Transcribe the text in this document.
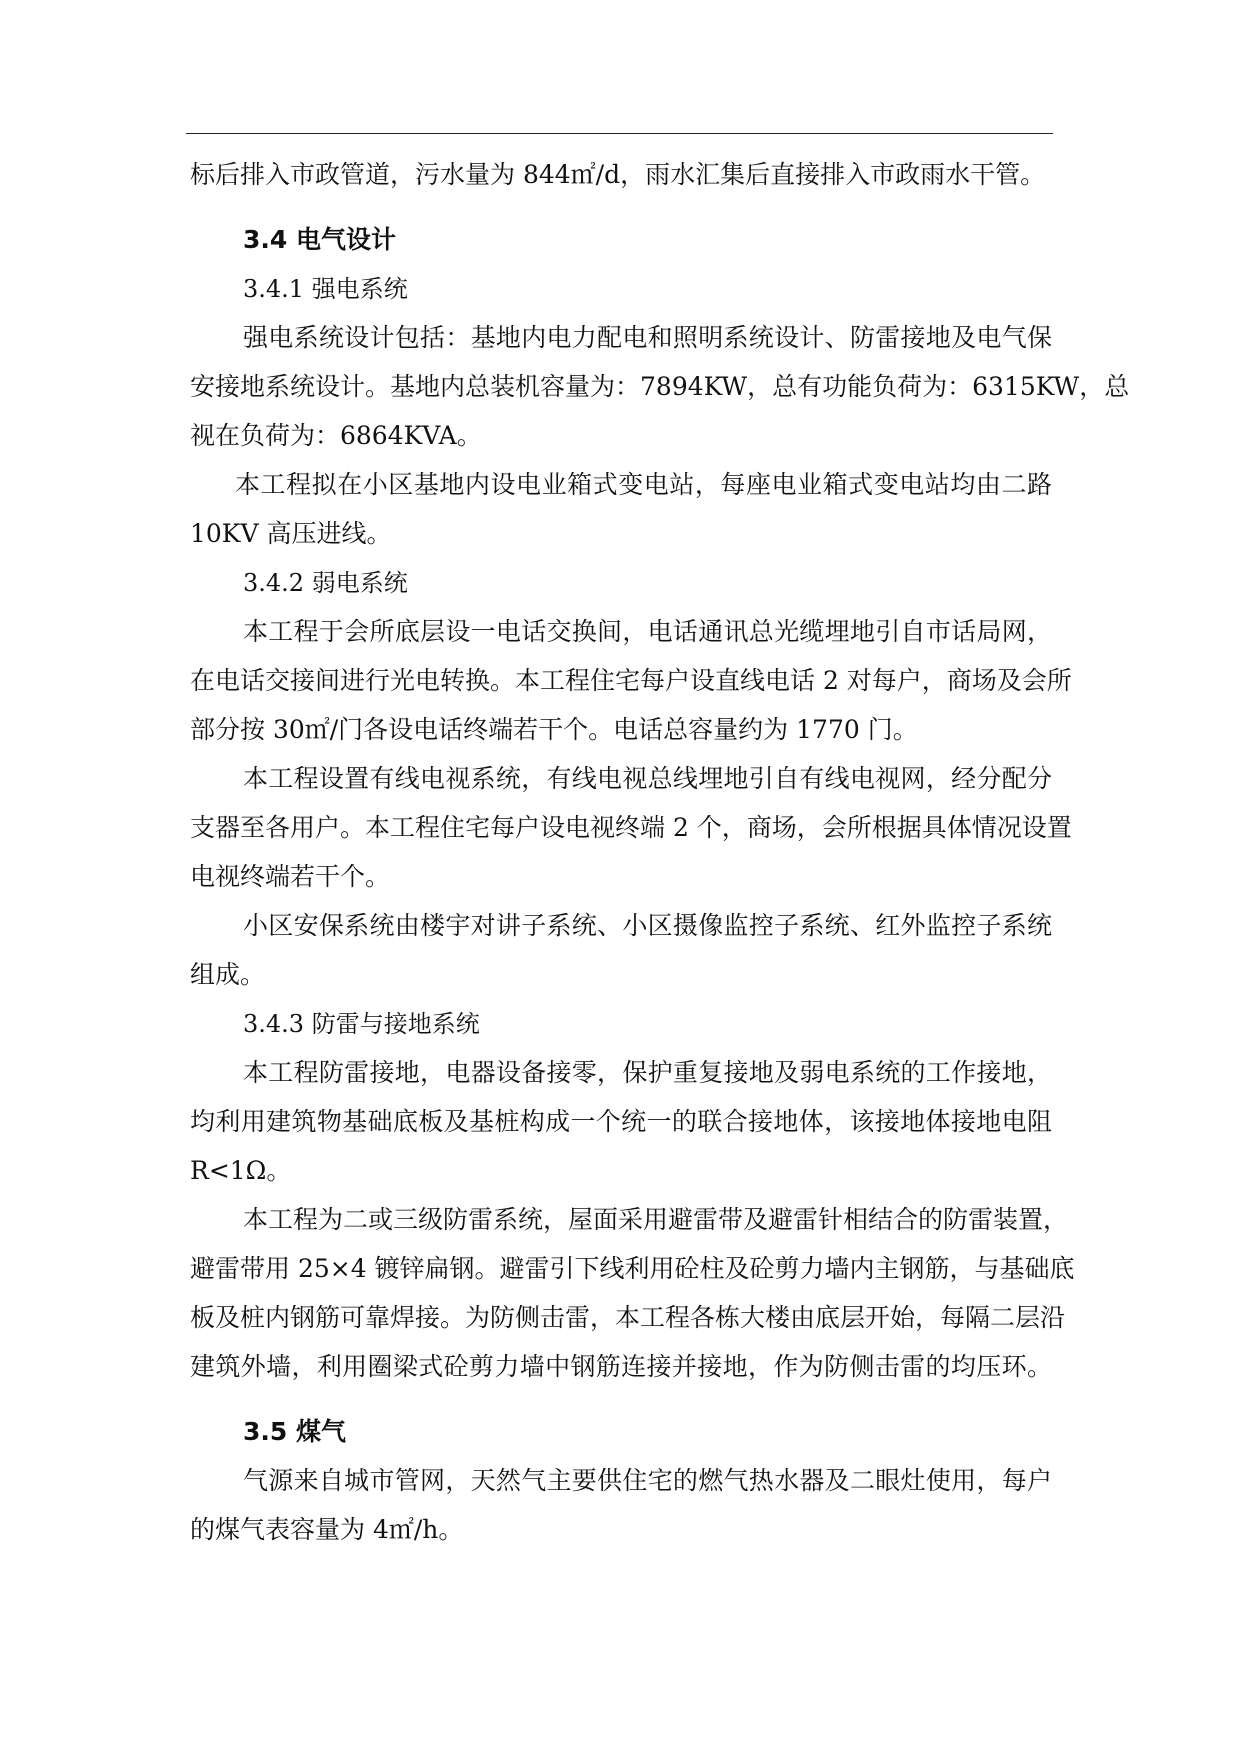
标后排入市政管道，污水量为 844㎡/d，雨水汇集后直接排入市政雨水干管。
3.4 电气设计
3.4.1 强电系统
强电系统设计包括：基地内电力配电和照明系统设计、防雷接地及电气保
安接地系统设计。基地内总装机容量为：7894KW，总有功能负荷为：6315KW，总
视在负荷为：6864KVA。
本工程拟在小区基地内设电业箱式变电站，每座电业箱式变电站均由二路
10KV 高压进线。
3.4.2 弱电系统
本工程于会所底层设一电话交换间，电话通讯总光缆埋地引自市话局网，
在电话交接间进行光电转换。本工程住宅每户设直线电话 2 对每户，商场及会所
部分按 30㎡/门各设电话终端若干个。电话总容量约为 1770 门。
本工程设置有线电视系统，有线电视总线埋地引自有线电视网，经分配分
支器至各用户。本工程住宅每户设电视终端 2 个，商场，会所根据具体情况设置
电视终端若干个。
小区安保系统由楼宇对讲子系统、小区摄像监控子系统、红外监控子系统
组成。
3.4.3 防雷与接地系统
本工程防雷接地，电器设备接零，保护重复接地及弱电系统的工作接地，
均利用建筑物基础底板及基桩构成一个统一的联合接地体，该接地体接地电阻
R<1Ω。
本工程为二或三级防雷系统，屋面采用避雷带及避雷针相结合的防雷装置，
避雷带用 25×4 镀锌扁钢。避雷引下线利用砼柱及砼剪力墙内主钢筋，与基础底
板及桩内钢筋可靠焊接。为防侧击雷，本工程各栋大楼由底层开始，每隔二层沿
建筑外墙，利用圈梁式砼剪力墙中钢筋连接并接地，作为防侧击雷的均压环。
3.5 煤气
气源来自城市管网，天然气主要供住宅的燃气热水器及二眼灶使用，每户
的煤气表容量为 4㎡/h。
